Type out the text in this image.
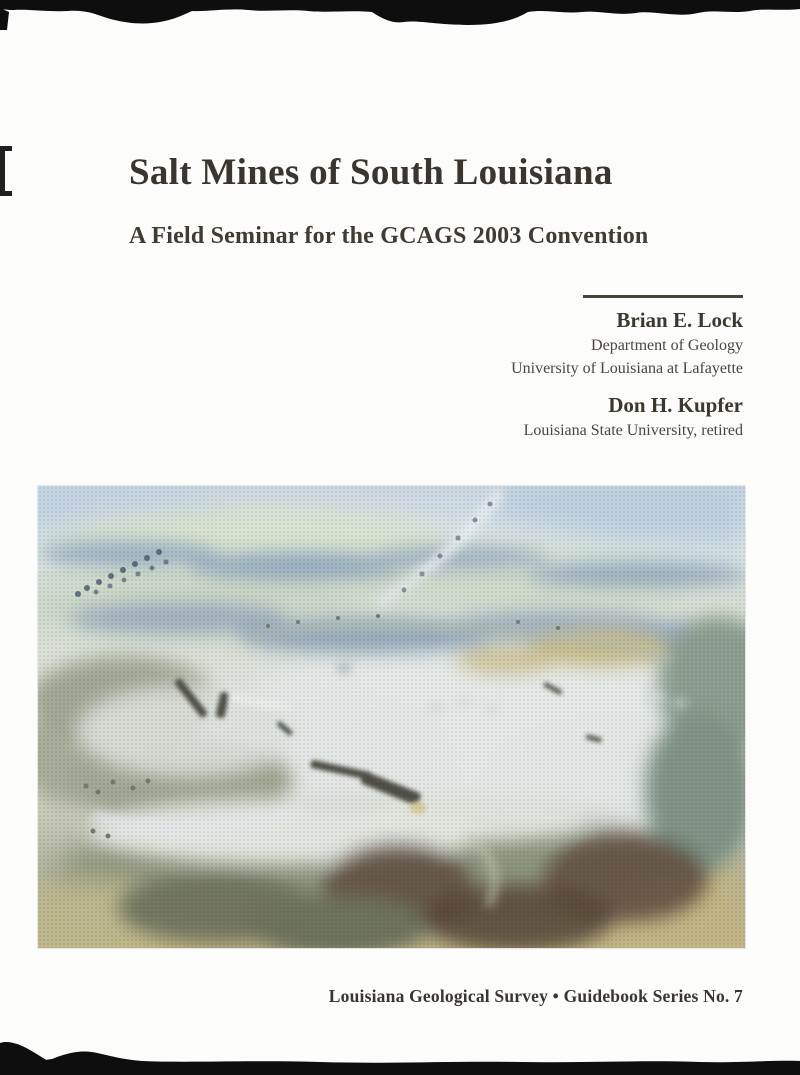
Salt Mines of South Louisiana
A Field Seminar for the GCAGS 2003 Convention
Brian E. Lock
Department of Geology
University of Louisiana at Lafayette
Don H. Kupfer
Louisiana State University, retired

Louisiana Geological Survey • Guidebook Series No. 7
